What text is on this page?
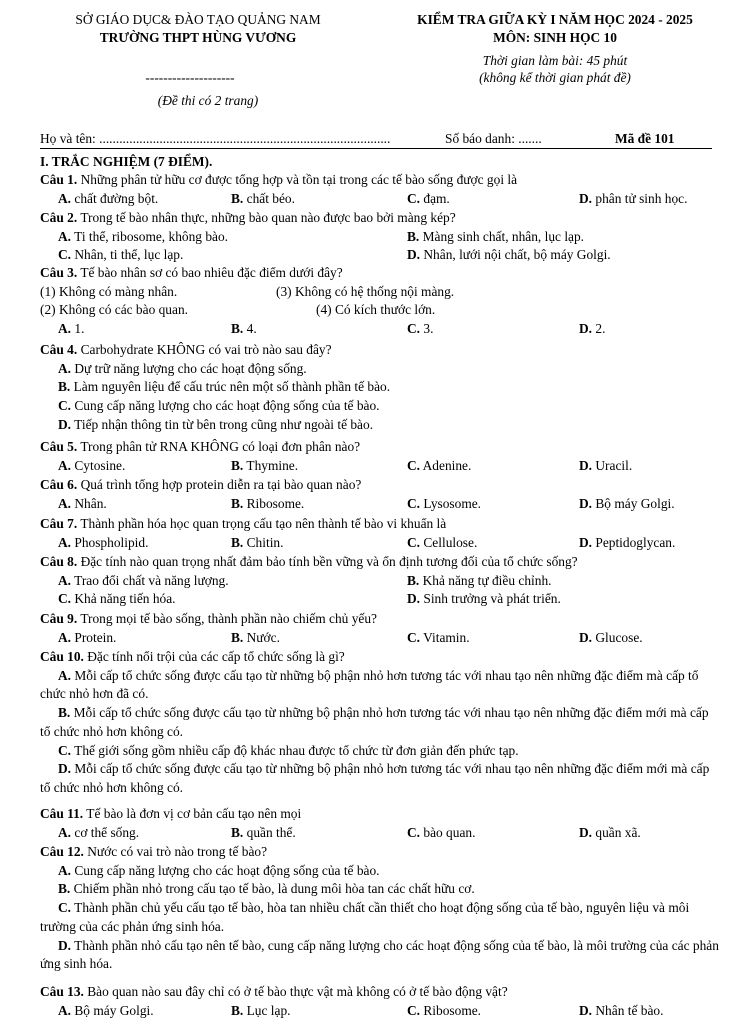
SỞ GIÁO DỤC& ĐÀO TẠO QUẢNG NAM
TRƯỜNG THPT HÙNG VƯƠNG
KIỂM TRA GIỮA KỲ I NĂM HỌC 2024 - 2025
MÔN: SINH HỌC 10
Thời gian làm bài: 45 phút
(không kể thời gian phát đề)
--------------------
(Đề thi có 2 trang)
Họ và tên: .......................................................................................	Số báo danh: .......	Mã đề 101
I. TRẮC NGHIỆM (7 ĐIỂM).
Câu 1. Những phân tử hữu cơ được tổng hợp và tồn tại trong các tế bào sống được gọi là
A. chất đường bột.	B. chất béo.	C. đạm.	D. phân tử sinh học.
Câu 2. Trong tế bào nhân thực, những bào quan nào được bao bởi màng kép?
A. Ti thể, ribosome, không bào.	B. Màng sinh chất, nhân, lục lạp.
C. Nhân, ti thể, lục lạp.	D. Nhân, lưới nội chất, bộ máy Golgi.
Câu 3. Tế bào nhân sơ có bao nhiêu đặc điểm dưới đây?
(1) Không có màng nhân.	(3) Không có hệ thống nội màng.
(2) Không có các bào quan.	(4) Có kích thước lớn.
A. 1.	B. 4.	C. 3.	D. 2.
Câu 4. Carbohydrate KHÔNG có vai trò nào sau đây?
A. Dự trữ năng lượng cho các hoạt động sống.
B. Làm nguyên liệu để cấu trúc nên một số thành phần tế bào.
C. Cung cấp năng lượng cho các hoạt động sống của tế bào.
D. Tiếp nhận thông tin từ bên trong cũng như ngoài tế bào.
Câu 5. Trong phân tử RNA KHÔNG có loại đơn phân nào?
A. Cytosine.	B. Thymine.	C. Adenine.	D. Uracil.
Câu 6. Quá trình tổng hợp protein diễn ra tại bào quan nào?
A. Nhân.	B. Ribosome.	C. Lysosome.	D. Bộ máy Golgi.
Câu 7. Thành phần hóa học quan trọng cấu tạo nên thành tế bào vi khuẩn là
A. Phospholipid.	B. Chitin.	C. Cellulose.	D. Peptidoglycan.
Câu 8. Đặc tính nào quan trọng nhất đảm bảo tính bền vững và ổn định tương đối của tổ chức sống?
A. Trao đổi chất và năng lượng.	B. Khả năng tự điều chỉnh.
C. Khả năng tiến hóa.	D. Sinh trưởng và phát triển.
Câu 9. Trong mọi tế bào sống, thành phần nào chiếm chủ yếu?
A. Protein.	B. Nước.	C. Vitamin.	D. Glucose.
Câu 10. Đặc tính nổi trội của các cấp tổ chức sống là gì?
A. Mỗi cấp tổ chức sống được cấu tạo từ những bộ phận nhỏ hơn tương tác với nhau tạo nên những đặc điểm mà cấp tổ chức nhỏ hơn đã có.
B. Mỗi cấp tổ chức sống được cấu tạo từ những bộ phận nhỏ hơn tương tác với nhau tạo nên những đặc điểm mới mà cấp tổ chức nhỏ hơn không có.
C. Thế giới sống gồm nhiều cấp độ khác nhau được tổ chức từ đơn giản đến phức tạp.
D. Mỗi cấp tổ chức sống được cấu tạo từ những bộ phận nhỏ hơn tương tác với nhau tạo nên những đặc điểm mới mà cấp tổ chức nhỏ hơn không có.
Câu 11. Tế bào là đơn vị cơ bản cấu tạo nên mọi
A. cơ thể sống.	B. quần thể.	C. bào quan.	D. quần xã.
Câu 12. Nước có vai trò nào trong tế bào?
A. Cung cấp năng lượng cho các hoạt động sống của tế bào.
B. Chiếm phần nhỏ trong cấu tạo tế bào, là dung môi hòa tan các chất hữu cơ.
C. Thành phần chủ yếu cấu tạo tế bào, hòa tan nhiều chất cần thiết cho hoạt động sống của tế bào, nguyên liệu và môi trường của các phản ứng sinh hóa.
D. Thành phần nhỏ cấu tạo nên tế bào, cung cấp năng lượng cho các hoạt động sống của tế bào, là môi trường của các phản ứng sinh hóa.
Câu 13. Bào quan nào sau đây chỉ có ở tế bào thực vật mà không có ở tế bào động vật?
A. Bộ máy Golgi.	B. Lục lạp.	C. Ribosome.	D. Nhân tế bào.
